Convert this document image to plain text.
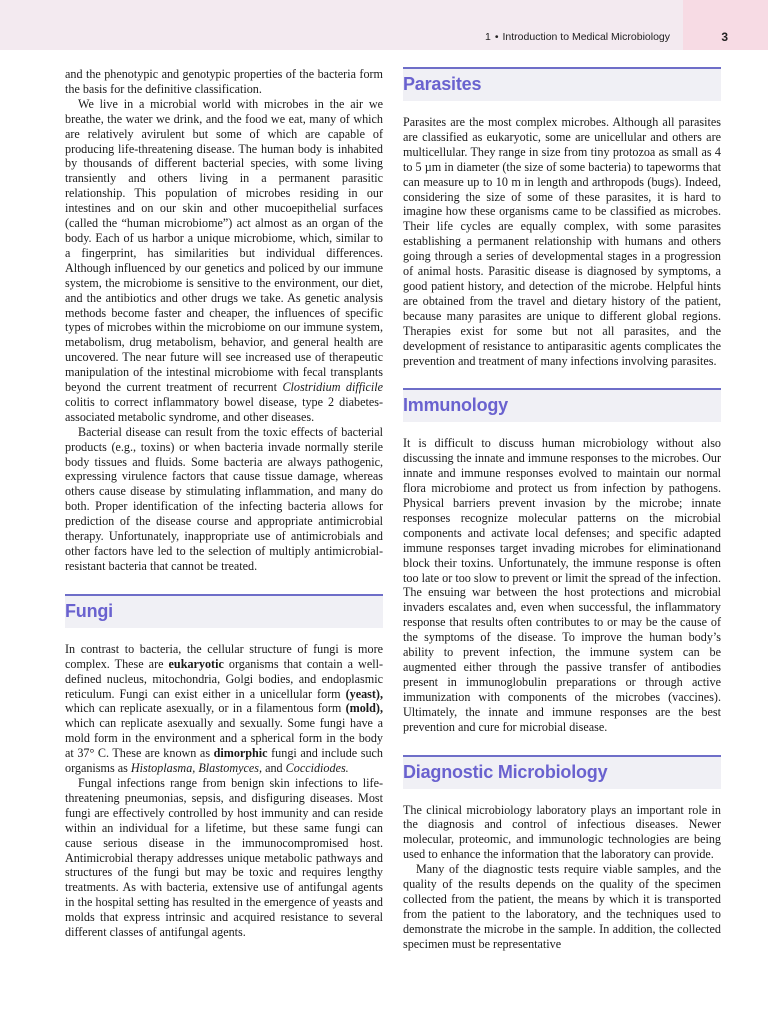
1 • Introduction to Medical Microbiology	3

and the phenotypic and genotypic properties of the bacteria form the basis for the definitive classification.

We live in a microbial world with microbes in the air we breathe, the water we drink, and the food we eat, many of which are relatively avirulent but some of which are capable of producing life-threatening disease. The human body is inhabited by thousands of different bacterial species, with some living transiently and others living in a permanent parasitic relationship. This population of microbes residing in our intestines and on our skin and other mucoepithelial surfaces (called the “human microbiome”) act almost as an organ of the body. Each of us harbor a unique microbiome, which, similar to a fingerprint, has similarities but individual differences. Although influenced by our genetics and policed by our immune system, the microbiome is sensitive to the environment, our diet, and the antibiotics and other drugs we take. As genetic analysis methods become faster and cheaper, the influences of specific types of microbes within the microbiome on our immune system, metabolism, drug metabolism, behavior, and general health are uncovered. The near future will see increased use of therapeutic manipulation of the intestinal microbiome with fecal transplants beyond the current treatment of recurrent Clostridium difficile colitis to correct inflammatory bowel disease, type 2 diabetes-associated metabolic syndrome, and other diseases.

Bacterial disease can result from the toxic effects of bacterial products (e.g., toxins) or when bacteria invade normally sterile body tissues and fluids. Some bacteria are always pathogenic, expressing virulence factors that cause tissue damage, whereas others cause disease by stimulating inflammation, and many do both. Proper identification of the infecting bacteria allows for prediction of the disease course and appropriate antimicrobial therapy. Unfortunately, inappropriate use of antimicrobials and other factors have led to the selection of multiply antimicrobial-resistant bacteria that cannot be treated.

Fungi

In contrast to bacteria, the cellular structure of fungi is more complex. These are eukaryotic organisms that contain a well-defined nucleus, mitochondria, Golgi bodies, and endoplasmic reticulum. Fungi can exist either in a unicellular form (yeast), which can replicate asexually, or in a filamentous form (mold), which can replicate asexually and sexually. Some fungi have a mold form in the environment and a spherical form in the body at 37° C. These are known as dimorphic fungi and include such organisms as Histoplasma, Blastomyces, and Coccidiodes.

Fungal infections range from benign skin infections to life-threatening pneumonias, sepsis, and disfiguring diseases. Most fungi are effectively controlled by host immunity and can reside within an individual for a lifetime, but these same fungi can cause serious disease in the immunocompromised host. Antimicrobial therapy addresses unique metabolic pathways and structures of the fungi but may be toxic and requires lengthy treatments. As with bacteria, extensive use of antifungal agents in the hospital setting has resulted in the emergence of yeasts and molds that express intrinsic and acquired resistance to several different classes of antifungal agents.

Parasites

Parasites are the most complex microbes. Although all parasites are classified as eukaryotic, some are unicellular and others are multicellular. They range in size from tiny protozoa as small as 4 to 5 µm in diameter (the size of some bacteria) to tapeworms that can measure up to 10 m in length and arthropods (bugs). Indeed, considering the size of some of these parasites, it is hard to imagine how these organisms came to be classified as microbes. Their life cycles are equally complex, with some parasites establishing a permanent relationship with humans and others going through a series of developmental stages in a progression of animal hosts. Parasitic disease is diagnosed by symptoms, a good patient history, and detection of the microbe. Helpful hints are obtained from the travel and dietary history of the patient, because many parasites are unique to different global regions. Therapies exist for some but not all parasites, and the development of resistance to antiparasitic agents complicates the prevention and treatment of many infections involving parasites.

Immunology

It is difficult to discuss human microbiology without also discussing the innate and immune responses to the microbes. Our innate and immune responses evolved to maintain our normal flora microbiome and protect us from infection by pathogens. Physical barriers prevent invasion by the microbe; innate responses recognize molecular patterns on the microbial components and activate local defenses; and specific adapted immune responses target invading microbes for eliminationand block their toxins. Unfortunately, the immune response is often too late or too slow to prevent or limit the spread of the infection. The ensuing war between the host protections and microbial invaders escalates and, even when successful, the inflammatory response that results often contributes to or may be the cause of the symptoms of the disease. To improve the human body’s ability to prevent infection, the immune system can be augmented either through the passive transfer of antibodies present in immunoglobulin preparations or through active immunization with components of the microbes (vaccines). Ultimately, the innate and immune responses are the best prevention and cure for microbial disease.

Diagnostic Microbiology

The clinical microbiology laboratory plays an important role in the diagnosis and control of infectious diseases. Newer molecular, proteomic, and immunologic technologies are being used to enhance the information that the laboratory can provide.

Many of the diagnostic tests require viable samples, and the quality of the results depends on the quality of the specimen collected from the patient, the means by which it is transported from the patient to the laboratory, and the techniques used to demonstrate the microbe in the sample. In addition, the collected specimen must be representative
